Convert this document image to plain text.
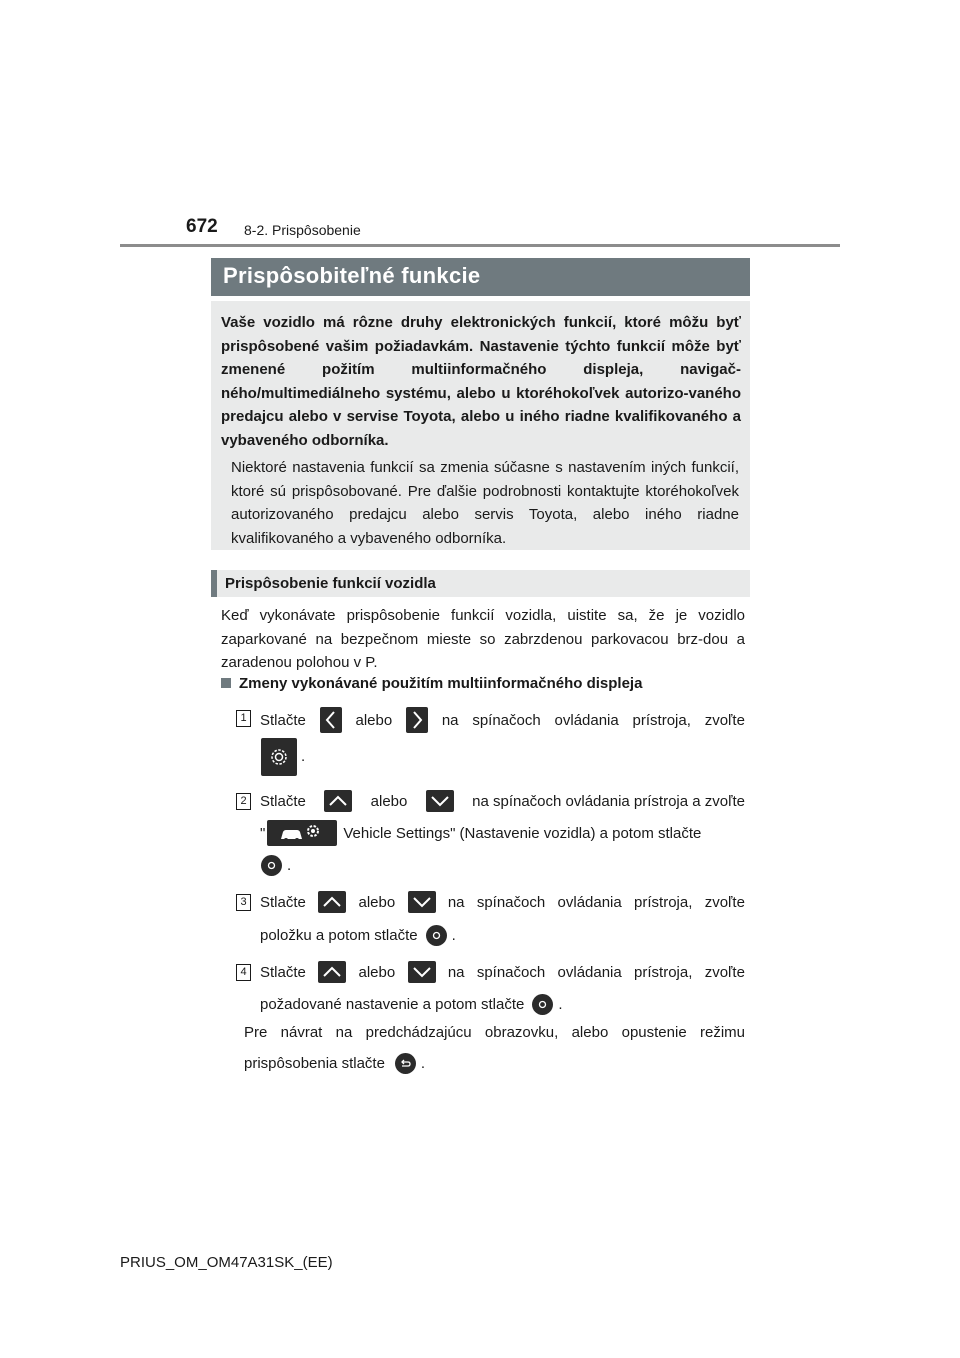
672 8-2. Prispôsobenie
Prispôsobiteľné funkcie
Vaše vozidlo má rôzne druhy elektronických funkcií, ktoré môžu byť prispôsobené vašim požiadavkám. Nastavenie týchto funkcií môže byť zmenené požitím multiinformačného displeja, navigač-ného/multimediálneho systému, alebo u ktoréhokoľvek autorizo-vaného predajcu alebo v servise Toyota, alebo u iného riadne kvalifikovaného a vybaveného odborníka.
Niektoré nastavenia funkcií sa zmenia súčasne s nastavením iných funkcií, ktoré sú prispôsobované. Pre ďalšie podrobnosti kontaktujte ktoréhokoľvek autorizovaného predajcu alebo servis Toyota, alebo iného riadne kvalifikovaného a vybaveného odborníka.
Prispôsobenie funkcií vozidla
Keď vykonávate prispôsobenie funkcií vozidla, uistite sa, že je vozidlo zaparkované na bezpečnom mieste so zabrzdenou parkovacou brz-dou a zaradenou polohou v P.
Zmeny vykonávané použitím multiinformačného displeja
1 Stlačte	alebo	na spínačoch ovládania prístroja, zvoľte
.
2 Stlačte	alebo	na spínačoch ovládania prístroja a zvoľte
"	Vehicle Settings" (Nastavenie vozidla) a potom stlačte
.
3 Stlačte	alebo	na spínačoch ovládania prístroja, zvoľte
položku a potom stlačte .
4 Stlačte	alebo	na spínačoch ovládania prístroja, zvoľte
požadované nastavenie a potom stlačte .
Pre návrat na predchádzajúcu obrazovku, alebo opustenie režimu
prispôsobenia stlačte .
PRIUS_OM_OM47A31SK_(EE)
